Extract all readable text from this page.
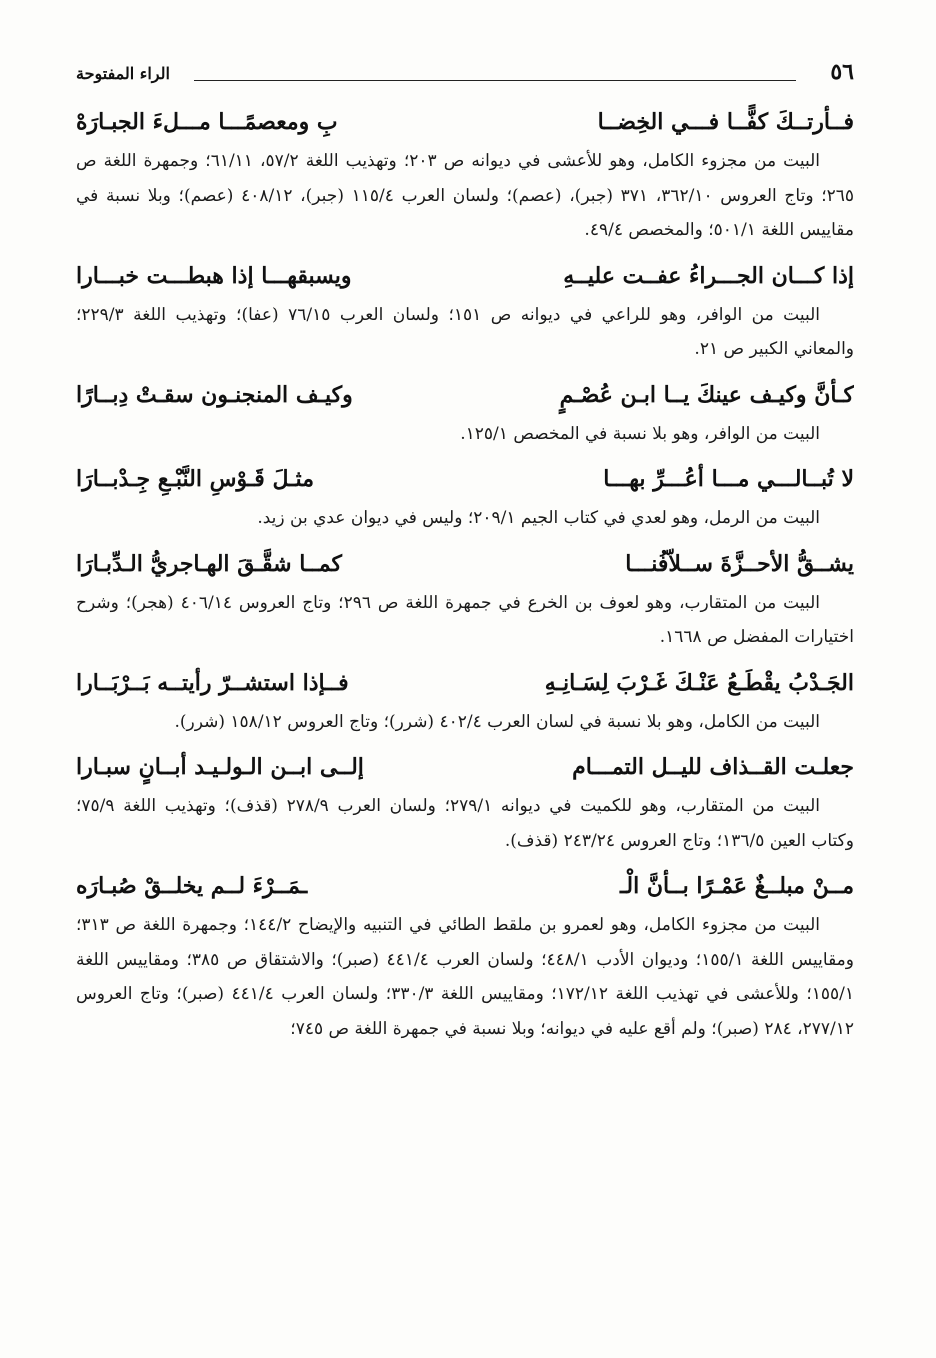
٥٦
الراء المفتوحة
فــأرتــكَ كفًّــا فـــي الخِضــا
بِ ومعصمًـــا مـــلءَ الجبـارَهْ

البيت من مجزوء الكامل، وهو للأعشى في ديوانه ص ٢٠٣؛ وتهذيب اللغة ٥٧/٢، ٦١/١١؛ وجمهرة اللغة ص ٢٦٥؛ وتاج العروس ٣٦٢/١٠، ٣٧١ (جبر)، (عصم)؛ ولسان العرب ١١٥/٤ (جبر)، ٤٠٨/١٢ (عصم)؛ وبلا نسبة في مقاييس اللغة ٥٠١/١؛ والمخصص ٤٩/٤.

إذا كـــان الجـــراءُ عفــت عليــهِ
ويسبقهـــا إذا هبطـــت خبـــارا

البيت من الوافر، وهو للراعي في ديوانه ص ١٥١؛ ولسان العرب ٧٦/١٥ (عفا)؛ وتهذيب اللغة ٢٢٩/٣؛ والمعاني الكبير ص ٢١.

كـأنَّ وكيـف عينكَ يــا ابـن عُصْـمٍ
وكيـف المنجنـون سقـتْ دِبــارًا

البيت من الوافر، وهو بلا نسبة في المخصص ١٢٥/١.

لا تُبــالـــي مـــا أعُـــرِّ بهـــا
مثـلَ قَـوْسِ النَّبْـعِ جِـدْبــارَا

البيت من الرمل، وهو لعدي في كتاب الجيم ٢٠٩/١؛ وليس في ديوان عدي بن زيد.

يشــقُّ الأحــزَّةَ ســلاّفُنـــا
كمــا شقَّـقَ الهـاجريُّ الـدِّبـارَا

البيت من المتقارب، وهو لعوف بن الخرع في جمهرة اللغة ص ٢٩٦؛ وتاج العروس ٤٠٦/١٤ (هجر)؛ وشرح اختيارات المفضل ص ١٦٦٨.

الجَـدْبُ يقْطَـعُ عَنْـكَ غَـرْبَ لِسَـانِـهِ
فــإذا استشــرّ رأيتــه بَــرْبَــارا

البيت من الكامل، وهو بلا نسبة في لسان العرب ٤٠٢/٤ (شرر)؛ وتاج العروس ١٥٨/١٢ (شرر).

جعلـت القــذاف لليــل التمـــام
إلــى ابــن الـولـيـد أبــانٍ سبـارا

البيت من المتقارب، وهو للكميت في ديوانه ٢٧٩/١؛ ولسان العرب ٢٧٨/٩ (قذف)؛ وتهذيب اللغة ٧٥/٩؛ وكتاب العين ١٣٦/٥؛ وتاج العروس ٢٤٣/٢٤ (قذف).

مــنْ مبلــغٌ عَمْـرًا بــأنَّ الْـ
ـمَــرْءَ لــم يخلــقْ صُبـارَه

البيت من مجزوء الكامل، وهو لعمرو بن ملقط الطائي في التنبيه والإيضاح ١٤٤/٢؛ وجمهرة اللغة ص ٣١٣؛ ومقاييس اللغة ١٥٥/١؛ وديوان الأدب ٤٤٨/١؛ ولسان العرب ٤٤١/٤ (صبر)؛ والاشتقاق ص ٣٨٥؛ ومقاييس اللغة ١٥٥/١؛ وللأعشى في تهذيب اللغة ١٧٢/١٢؛ ومقاييس اللغة ٣٣٠/٣؛ ولسان العرب ٤٤١/٤ (صبر)؛ وتاج العروس ٢٧٧/١٢، ٢٨٤ (صبر)؛ ولم أقع عليه في ديوانه؛ وبلا نسبة في جمهرة اللغة ص ٧٤٥؛
